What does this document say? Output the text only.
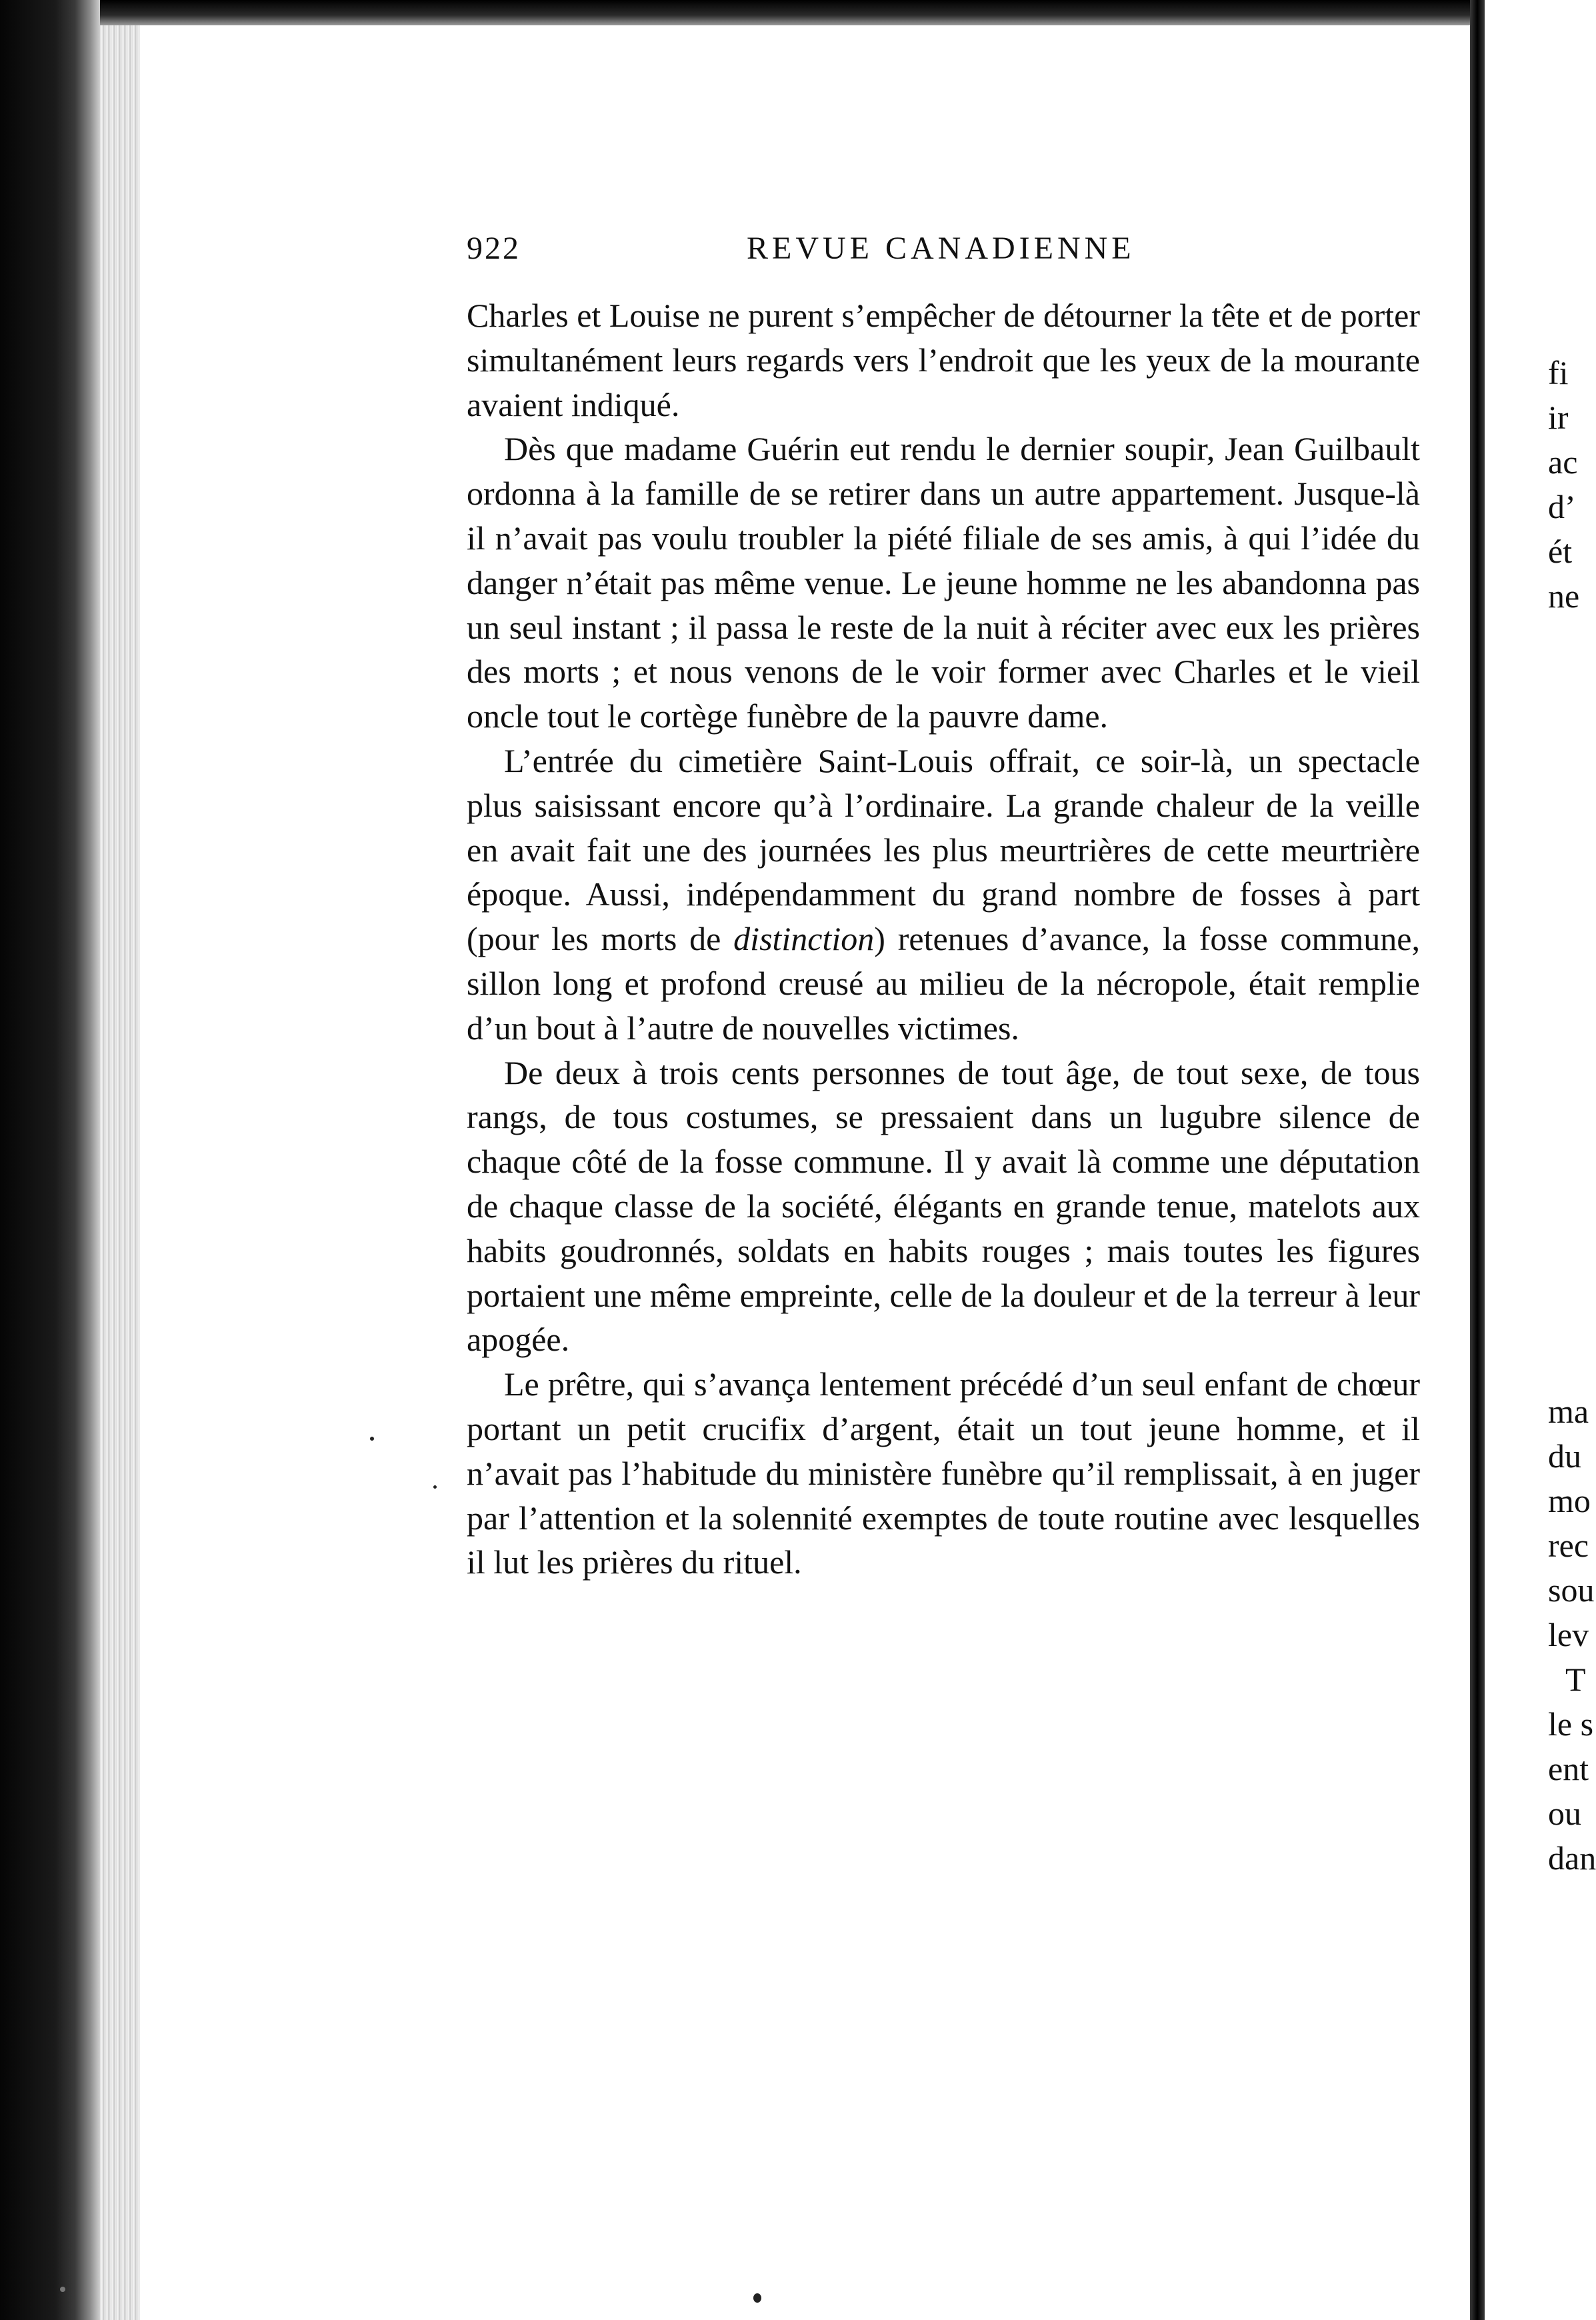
922	REVUE CANADIENNE

Charles et Louise ne purent s’empêcher de détourner la tête et de porter simultanément leurs regards vers l’endroit que les yeux de la mourante avaient indiqué.

Dès que madame Guérin eut rendu le dernier soupir, Jean Guilbault ordonna à la famille de se retirer dans un autre appartement. Jusque-là il n’avait pas voulu troubler la piété filiale de ses amis, à qui l’idée du danger n’était pas même venue. Le jeune homme ne les abandonna pas un seul instant ; il passa le reste de la nuit à réciter avec eux les prières des morts ; et nous venons de le voir former avec Charles et le vieil oncle tout le cortège funèbre de la pauvre dame.

L’entrée du cimetière Saint-Louis offrait, ce soir-là, un spectacle plus saisissant encore qu’à l’ordinaire. La grande chaleur de la veille en avait fait une des journées les plus meurtrières de cette meurtrière époque. Aussi, indépendamment du grand nombre de fosses à part (pour les morts de distinction) retenues d’avance, la fosse commune, sillon long et profond creusé au milieu de la nécropole, était remplie d’un bout à l’autre de nouvelles victimes.

De deux à trois cents personnes de tout âge, de tout sexe, de tous rangs, de tous costumes, se pressaient dans un lugubre silence de chaque côté de la fosse commune. Il y avait là comme une députation de chaque classe de la société, élégants en grande tenue, matelots aux habits goudronnés, soldats en habits rouges ; mais toutes les figures portaient une même empreinte, celle de la douleur et de la terreur à leur apogée.

Le prêtre, qui s’avança lentement précédé d’un seul enfant de chœur portant un petit crucifix d’argent, était un tout jeune homme, et il n’avait pas l’habitude du ministère funèbre qu’il remplissait, à en juger par l’attention et la solennité exemptes de toute routine avec lesquelles il lut les prières du rituel.

fi
ir
ac
d’
ét
ne
ma
du
mo
rec
sou
lev
T
le s
ent
ou
dan
